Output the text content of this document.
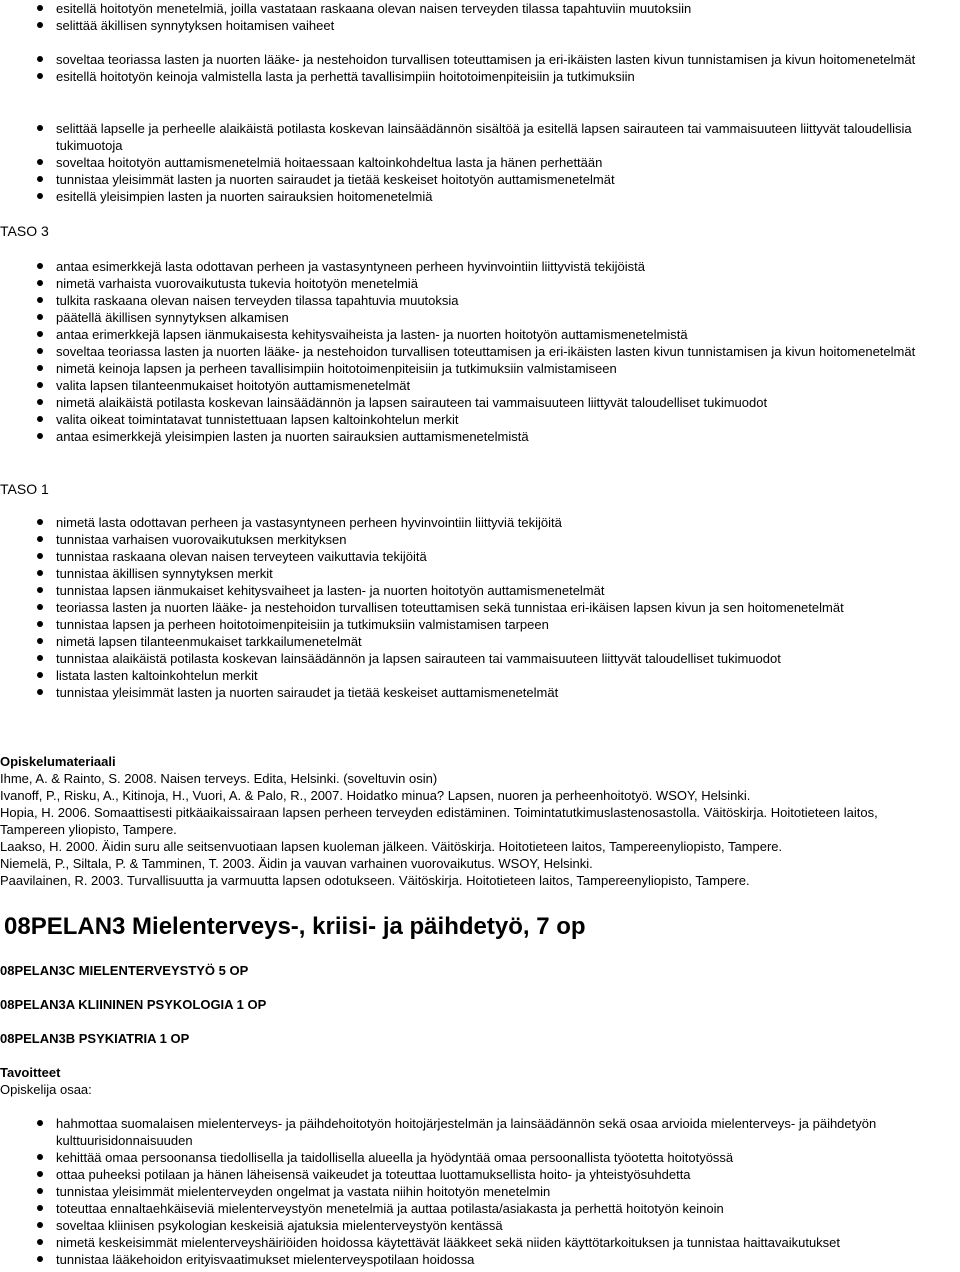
esitellä hoitotyön menetelmiä, joilla vastataan raskaana olevan naisen terveyden tilassa tapahtuviin muutoksiin
selittää äkillisen synnytyksen hoitamisen vaiheet
soveltaa teoriassa lasten ja nuorten lääke- ja nestehoidon turvallisen toteuttamisen ja eri-ikäisten lasten kivun tunnistamisen ja kivun hoitomenetelmät
esitellä hoitotyön keinoja valmistella lasta ja perhettä tavallisimpiin hoitotoimenpiteisiin ja tutkimuksiin
selittää lapselle ja perheelle alaikäistä potilasta koskevan lainsäädännön sisältöä ja esitellä lapsen sairauteen tai vammaisuuteen liittyvät taloudellisia tukimuotoja
soveltaa hoitotyön auttamismenetelmiä hoitaessaan kaltoinkohdeltua lasta ja hänen perhettään
tunnistaa yleisimmät lasten ja nuorten sairaudet ja tietää keskeiset hoitotyön auttamismenetelmät
esitellä yleisimpien lasten ja nuorten sairauksien hoitomenetelmiä
TASO 3
antaa esimerkkejä lasta odottavan perheen ja vastasyntyneen perheen hyvinvointiin liittyvistä tekijöistä
nimetä varhaista vuorovaikutusta tukevia hoitotyön menetelmiä
tulkita raskaana olevan naisen terveyden tilassa tapahtuvia muutoksia
päätellä äkillisen synnytyksen alkamisen
antaa erimerkkejä lapsen iänmukaisesta kehitysvaiheista ja lasten- ja nuorten hoitotyön auttamismenetelmistä
soveltaa teoriassa lasten ja nuorten lääke- ja nestehoidon turvallisen toteuttamisen ja eri-ikäisten lasten kivun tunnistamisen ja kivun hoitomenetelmät
nimetä keinoja lapsen ja perheen tavallisimpiin hoitotoimenpiteisiin ja tutkimuksiin valmistamiseen
valita lapsen tilanteenmukaiset hoitotyön auttamismenetelmät
nimetä alaikäistä potilasta koskevan lainsäädännön ja lapsen sairauteen tai vammaisuuteen liittyvät taloudelliset tukimuodot
valita oikeat toimintatavat tunnistettuaan lapsen kaltoinkohtelun merkit
antaa esimerkkejä yleisimpien lasten ja nuorten sairauksien auttamismenetelmistä
TASO 1
nimetä lasta odottavan perheen ja vastasyntyneen perheen hyvinvointiin liittyviä tekijöitä
tunnistaa varhaisen vuorovaikutuksen merkityksen
tunnistaa raskaana olevan naisen terveyteen vaikuttavia tekijöitä
tunnistaa äkillisen synnytyksen merkit
tunnistaa lapsen iänmukaiset kehitysvaiheet ja lasten- ja nuorten hoitotyön auttamismenetelmät
teoriassa lasten ja nuorten lääke- ja nestehoidon turvallisen toteuttamisen sekä tunnistaa eri-ikäisen lapsen kivun ja sen hoitomenetelmät
tunnistaa lapsen ja perheen hoitotoimenpiteisiin ja tutkimuksiin valmistamisen tarpeen
nimetä lapsen tilanteenmukaiset tarkkailumenetelmät
tunnistaa alaikäistä potilasta koskevan lainsäädännön ja lapsen sairauteen tai vammaisuuteen liittyvät taloudelliset tukimuodot
listata lasten kaltoinkohtelun merkit
tunnistaa yleisimmät lasten ja nuorten sairaudet ja tietää keskeiset auttamismenetelmät
Opiskelumateriaali
Ihme, A. & Rainto, S. 2008. Naisen terveys. Edita, Helsinki. (soveltuvin osin)
Ivanoff, P., Risku, A., Kitinoja, H., Vuori, A. & Palo, R., 2007. Hoidatko minua? Lapsen, nuoren ja perheenhoitotyö. WSOY, Helsinki.
Hopia, H. 2006. Somaattisesti pitkäaikaissairaan lapsen perheen terveyden edistäminen. Toimintatutkimuslastenosastolla. Väitöskirja. Hoitotieteen laitos, Tampereen yliopisto, Tampere.
Laakso, H. 2000. Äidin suru alle seitsenvuotiaan lapsen kuoleman jälkeen. Väitöskirja. Hoitotieteen laitos, Tampereenyliopisto, Tampere.
Niemelä, P., Siltala, P. & Tamminen, T. 2003. Äidin ja vauvan varhainen vuorovaikutus. WSOY, Helsinki.
Paavilainen, R. 2003. Turvallisuutta ja varmuutta lapsen odotukseen. Väitöskirja. Hoitotieteen laitos, Tampereenyliopisto, Tampere.
08PELAN3 Mielenterveys-, kriisi- ja päihdetyö, 7 op
08PELAN3C MIELENTERVEYSTYÖ 5 OP
08PELAN3A KLIININEN PSYKOLOGIA 1 OP
08PELAN3B PSYKIATRIA 1 OP
Tavoitteet
Opiskelija osaa:
hahmottaa suomalaisen mielenterveys- ja päihdehoitotyön hoitojärjestelmän ja lainsäädännön sekä osaa arvioida mielenterveys- ja päihdetyön kulttuurisidonnaisuuden
kehittää omaa persoonansa tiedollisella ja taidollisella alueella ja hyödyntää omaa persoonallista työotetta hoitotyössä
ottaa puheeksi potilaan ja hänen läheisensä vaikeudet ja toteuttaa luottamuksellista hoito- ja yhteistyösuhdetta
tunnistaa yleisimmät mielenterveyden ongelmat ja vastata niihin hoitotyön menetelmin
toteuttaa ennaltaehkäiseviä mielenterveystyön menetelmiä ja auttaa potilasta/asiakasta ja perhettä hoitotyön keinoin
soveltaa kliinisen psykologian keskeisiä ajatuksia mielenterveystyön kentässä
nimetä keskeisimmät mielenterveyshäiriöiden hoidossa käytettävät lääkkeet sekä niiden käyttötarkoituksen ja tunnistaa haittavaikutukset
tunnistaa lääkehoidon erityisvaatimukset mielenterveyspotilaan hoidossa
